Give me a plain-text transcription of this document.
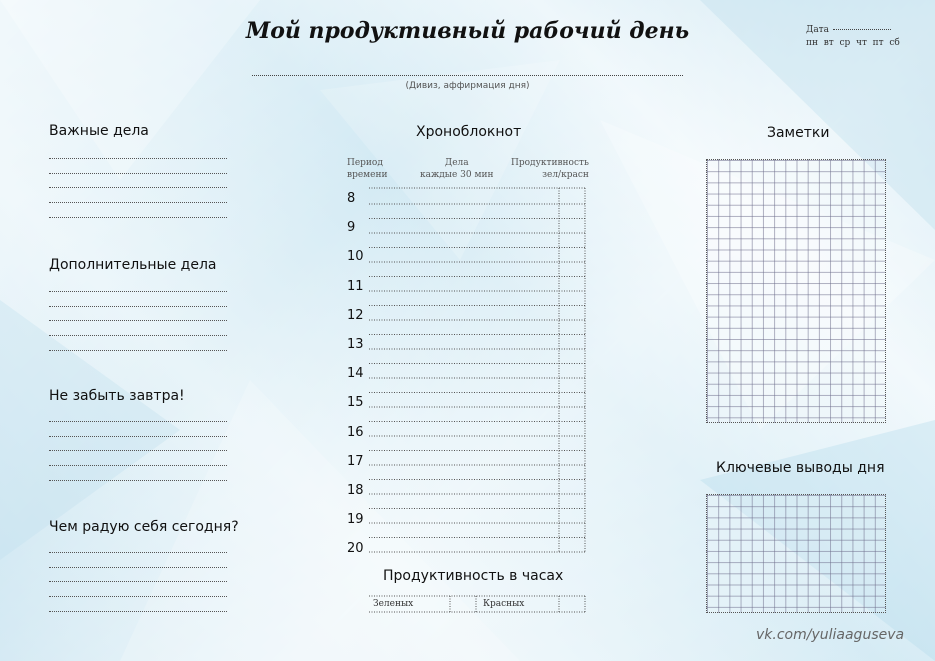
Мой продуктивный рабочий день
(Дивиз, аффирмация дня)
Дата
пн  вт  ср  чт  пт  сб
Важные дела
Дополнительные дела
Не забыть завтра!
Чем радую себя сегодня?
Хроноблокнот
Период
времени
Дела
каждые 30 мин
Продуктивность
зел/красн
8
9
10
11
12
13
14
15
16
17
18
19
20
Продуктивность в часах
Зеленых	Красных
Заметки
Ключевые выводы дня
vk.com/yuliaaguseva
